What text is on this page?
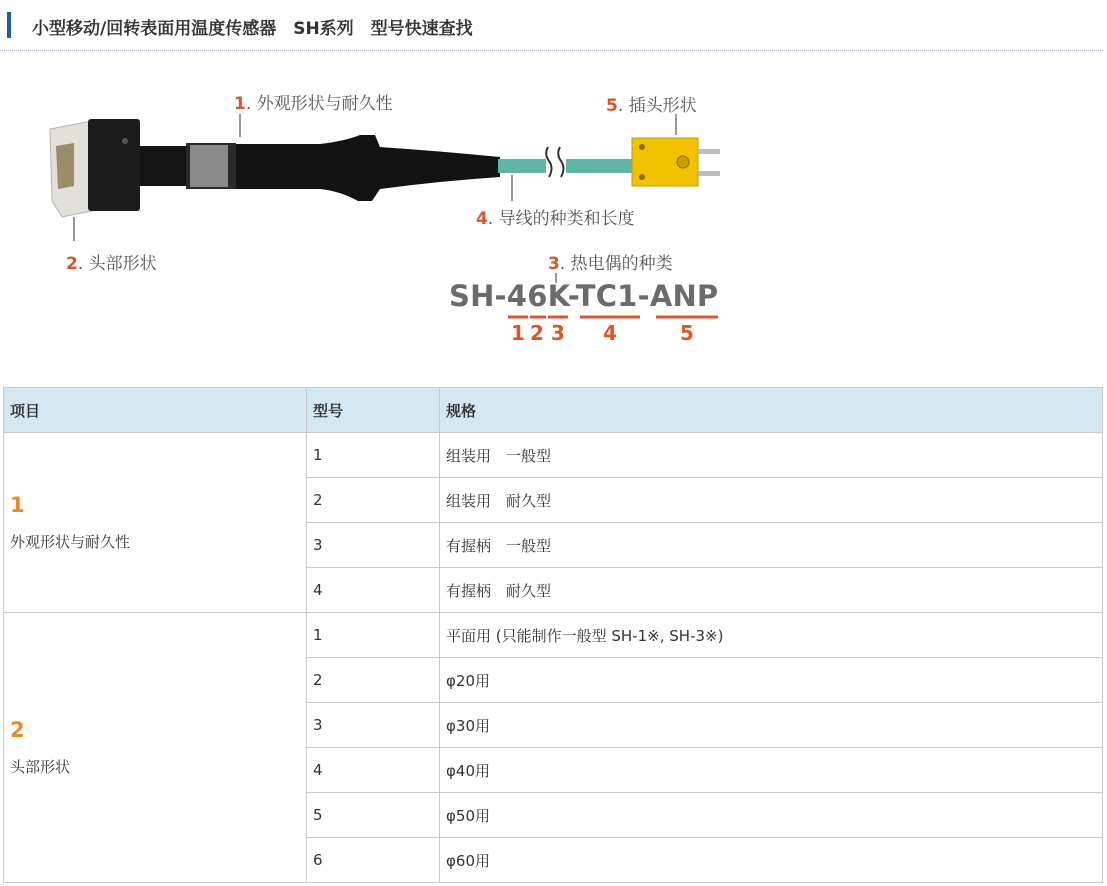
小型移动/回转表面用温度传感器　SH系列　型号快速查找
1. 外观形状与耐久性
2. 头部形状	3. 热电偶的种类
4. 导线的种类和长度
5. 插头形状
SH-46K-TC1-ANP
1 2 3 4	5
项目	型号	规格

1
外观形状与耐久性	1	组装用　一般型
	2	组装用　耐久型
	3	有握柄　一般型
	4	有握柄　耐久型

2
头部形状	1	平面用 (只能制作一般型 SH-1※, SH-3※)
	2	φ20用
	3	φ30用
	4	φ40用
	5	φ50用
	6	φ60用
